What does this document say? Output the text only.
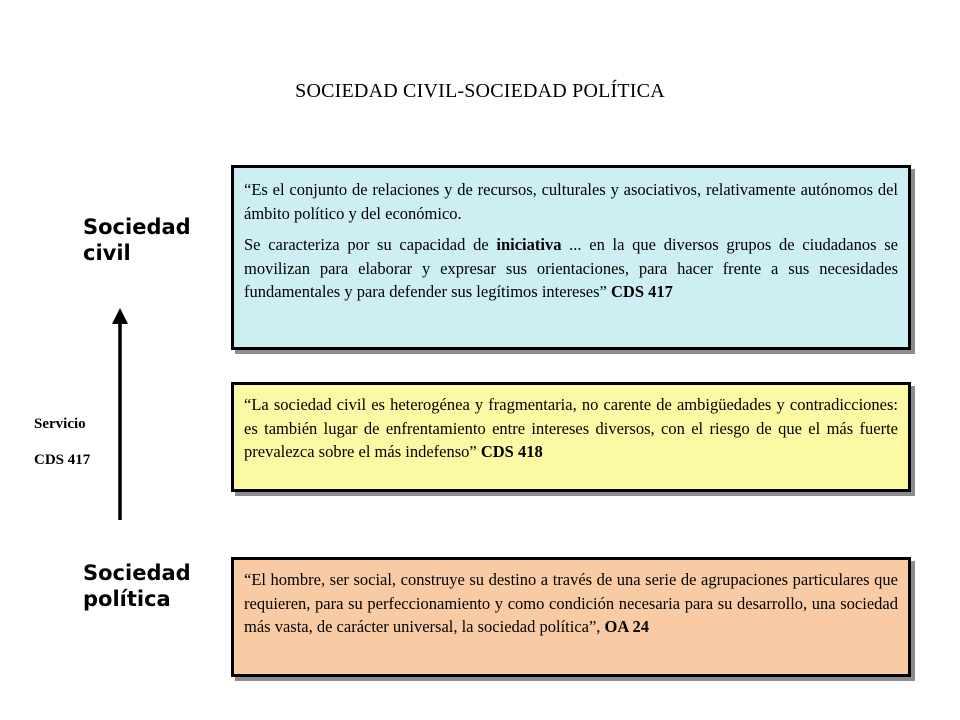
SOCIEDAD CIVIL-SOCIEDAD POLÍTICA
Sociedad
civil
Servicio
CDS 417
Sociedad
política

“Es el conjunto de relaciones y de recursos, culturales y asociativos, relativamente autónomos del ámbito político y del económico.

Se caracteriza por su capacidad de iniciativa ... en la que diversos grupos de ciudadanos se movilizan para elaborar y expresar sus orientaciones, para hacer frente a sus necesidades fundamentales y para defender sus legítimos intereses” CDS 417

“La sociedad civil es heterogénea y fragmentaria, no carente de ambigüedades y contradicciones: es también lugar de enfrentamiento entre intereses diversos, con el riesgo de que el más fuerte prevalezca sobre el más indefenso” CDS 418

“El hombre, ser social, construye su destino a través de una serie de agrupaciones particulares que requieren, para su perfeccionamiento y como condición necesaria para su desarrollo, una sociedad más vasta, de carácter universal, la sociedad política”, OA 24
